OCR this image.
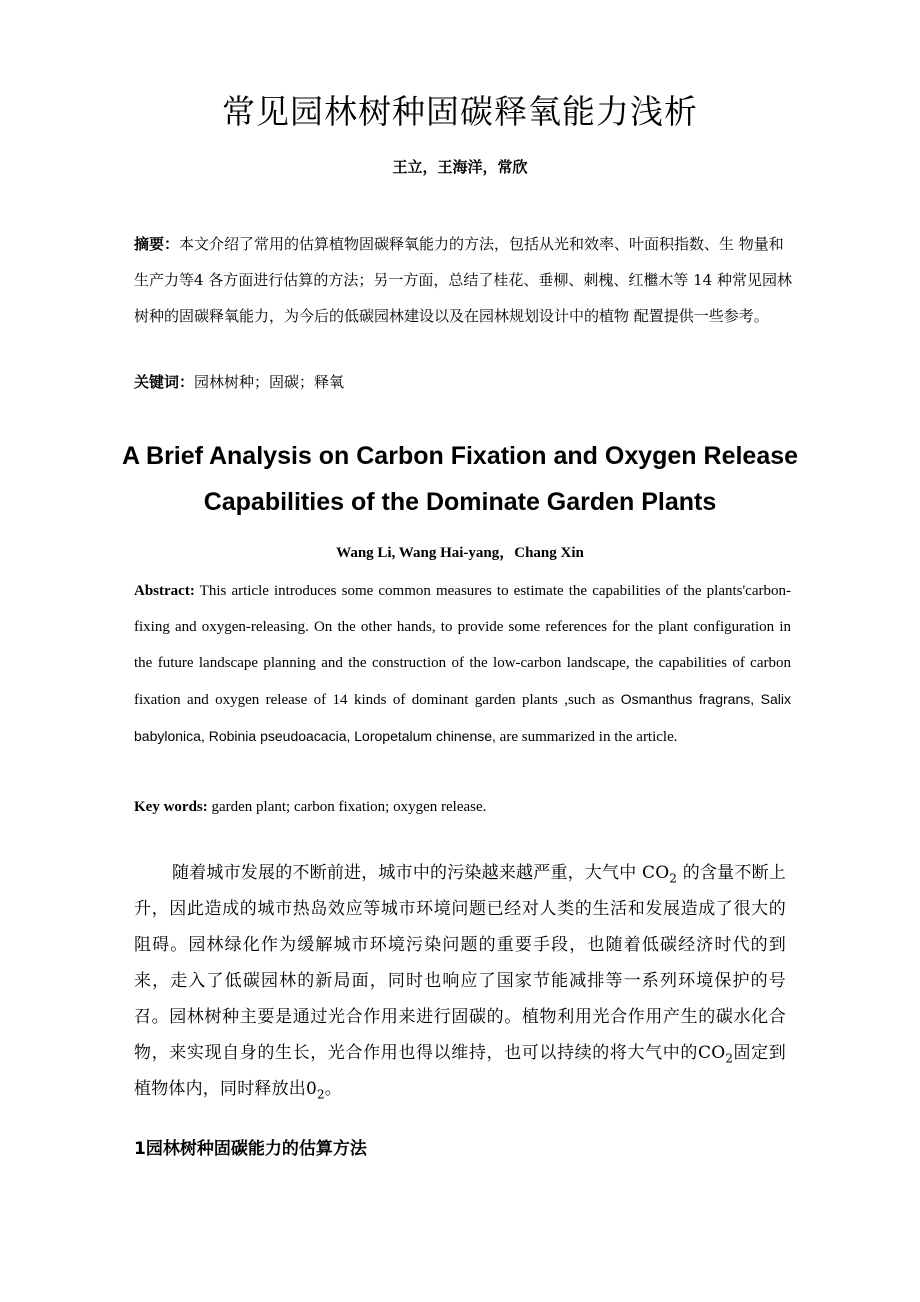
常见园林树种固碳释氧能力浅析

王立，王海洋，常欣

摘要：本文介绍了常用的估算植物固碳释氧能力的方法，包括从光和效率、叶面积指数、生 物量和生产力等4 各方面进行估算的方法；另一方面，总结了桂花、垂柳、刺槐、红檵木等 14 种常见园林树种的固碳释氧能力，为今后的低碳园林建设以及在园林规划设计中的植物 配置提供一些参考。

关键词：园林树种；固碳；释氧

A Brief Analysis on Carbon Fixation and Oxygen Release Capabilities of the Dominate Garden Plants

Wang Li, Wang Hai-yang，Chang Xin

Abstract: This article introduces some common measures to estimate the capabilities of the plants'carbon-fixing and oxygen-releasing. On the other hands, to provide some references for the plant configuration in the future landscape planning and the construction of the low-carbon landscape, the capabilities of carbon fixation and oxygen release of 14 kinds of dominant garden plants ,such as Osmanthus fragrans, Salix babylonica, Robinia pseudoacacia, Loropetalum chinense, are summarized in the article.

Key words: garden plant; carbon fixation; oxygen release.

随着城市发展的不断前进，城市中的污染越来越严重，大气中 $CO_2$ 的含量不断上升，因此造成的城市热岛效应等城市环境问题已经对人类的生活和发展造成了很大的阻碍。园林绿化作为缓解城市环境污染问题的重要手段，也随着低碳经济时代的到来，走入了低碳园林的新局面，同时也响应了国家节能减排等一系列环境保护的号召。园林树种主要是通过光合作用来进行固碳的。植物利用光合作用产生的碳水化合物，来实现自身的生长，光合作用也得以维持，也可以持续的将大气中的$CO_2$固定到植物体内，同时释放出$0_2$。

1园林树种固碳能力的估算方法
